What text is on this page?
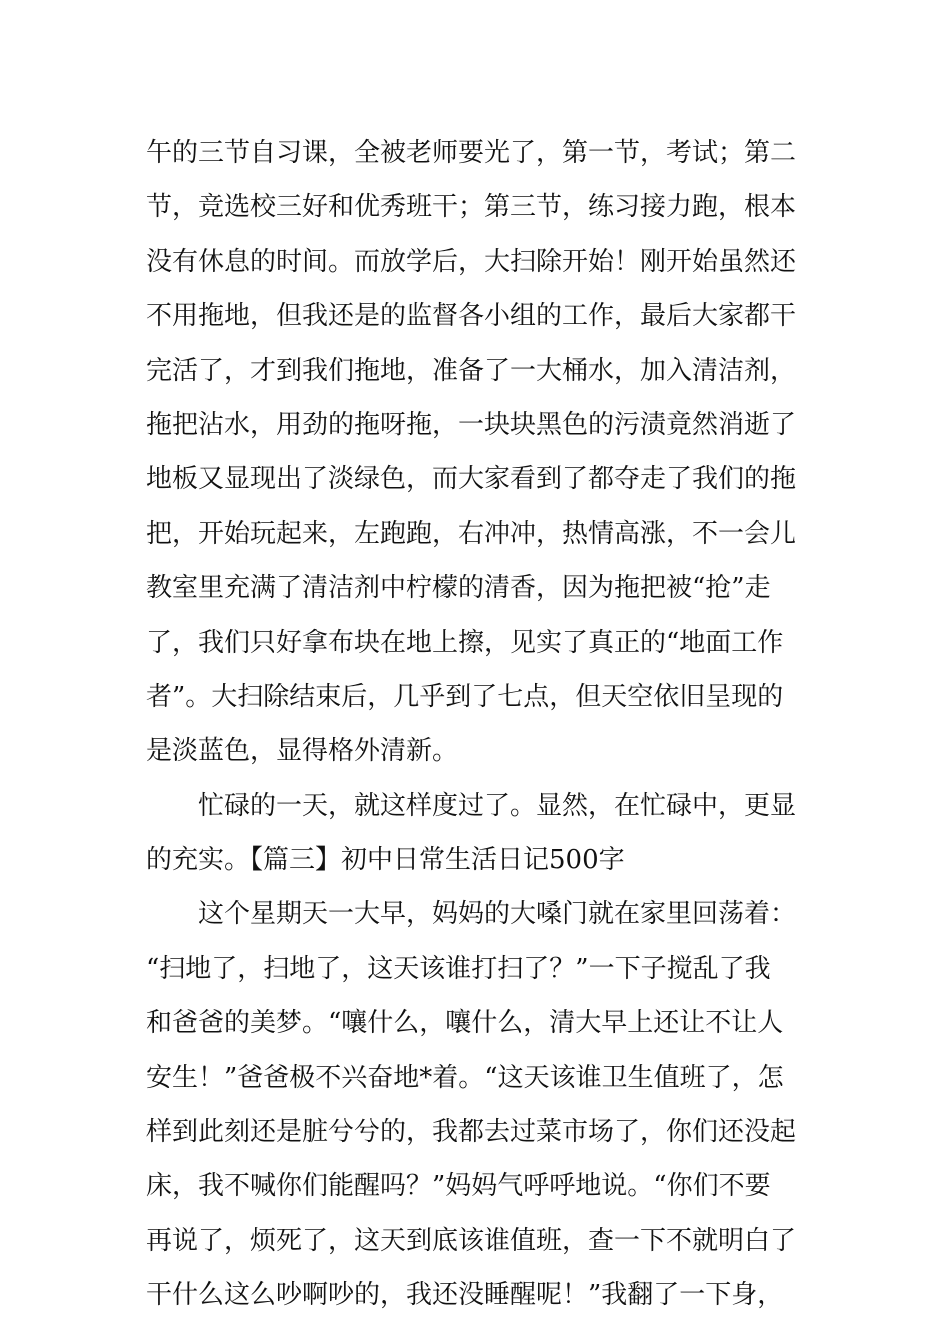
午的三节自习课，全被老师要光了，第一节，考试；第二
节，竞选校三好和优秀班干；第三节，练习接力跑，根本
没有休息的时间。而放学后，大扫除开始！刚开始虽然还
不用拖地，但我还是的监督各小组的工作，最后大家都干
完活了，才到我们拖地，准备了一大桶水，加入清洁剂，
拖把沾水，用劲的拖呀拖，一块块黑色的污渍竟然消逝了
地板又显现出了淡绿色，而大家看到了都夺走了我们的拖
把，开始玩起来，左跑跑，右冲冲，热情高涨，不一会儿
教室里充满了清洁剂中柠檬的清香，因为拖把被“抢”走
了，我们只好拿布块在地上擦，见实了真正的“地面工作
者”。大扫除结束后，几乎到了七点，但天空依旧呈现的
是淡蓝色，显得格外清新。
忙碌的一天，就这样度过了。显然，在忙碌中，更显
的充实。【篇三】初中日常生活日记500字
这个星期天一大早，妈妈的大嗓门就在家里回荡着：
“扫地了，扫地了，这天该谁打扫了？”一下子搅乱了我
和爸爸的美梦。“嚷什么，嚷什么，清大早上还让不让人
安生！”爸爸极不兴奋地*着。“这天该谁卫生值班了，怎
样到此刻还是脏兮兮的，我都去过菜市场了，你们还没起
床，我不喊你们能醒吗？”妈妈气呼呼地说。“你们不要
再说了，烦死了，这天到底该谁值班，查一下不就明白了
干什么这么吵啊吵的，我还没睡醒呢！”我翻了一下身，
